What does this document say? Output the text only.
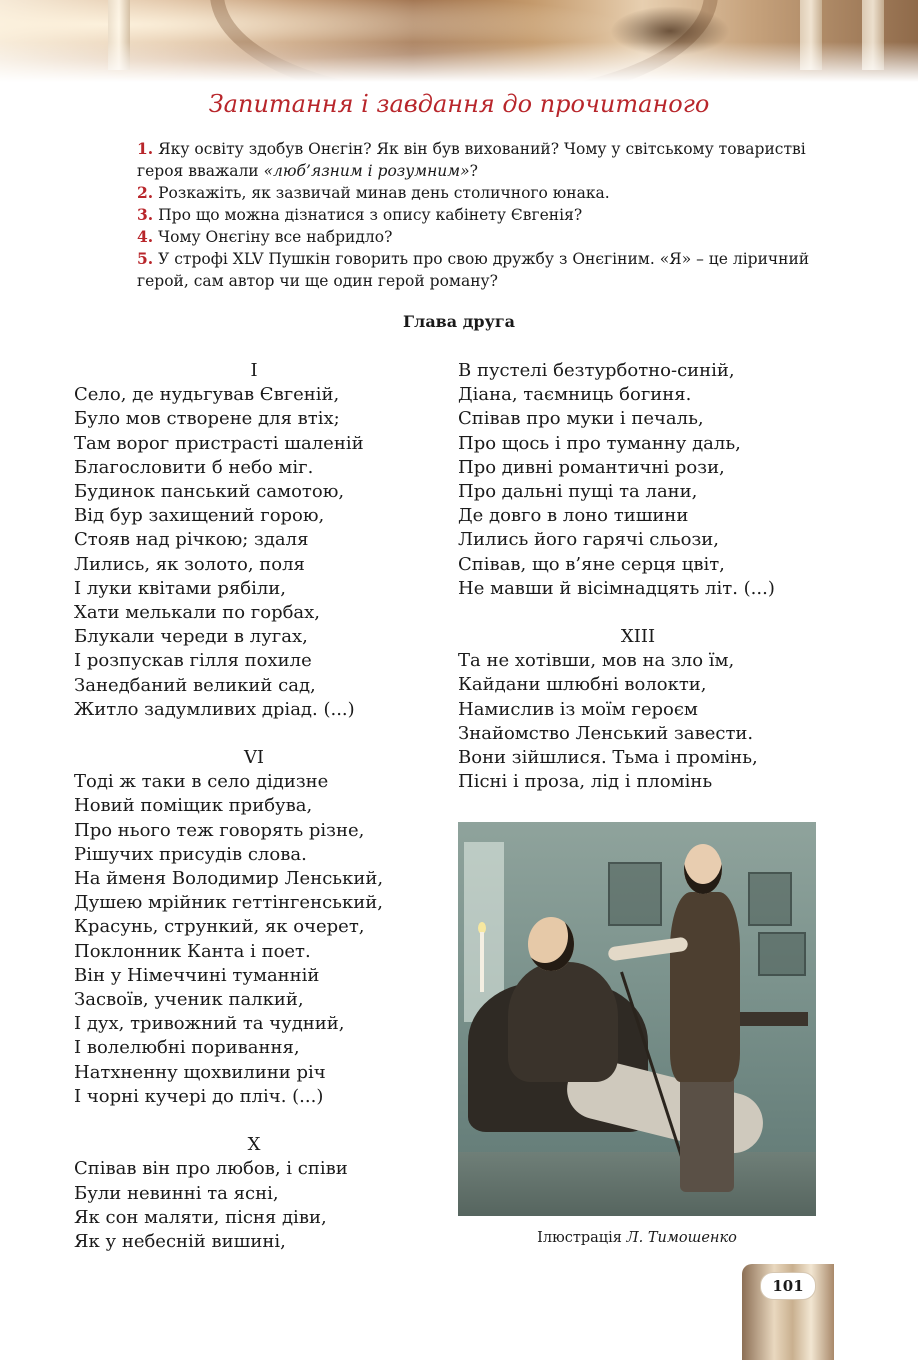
Запитання і завдання до прочитаного

1. Яку освіту здобув Онєгін? Як він був вихований? Чому у світському товаристві героя вважали «люб’язним і розумним»?

2. Розкажіть, як зазвичай минав день столичного юнака.

3. Про що можна дізнатися з опису кабінету Євгенія?

4. Чому Онєгіну все набридло?

5. У строфі XLV Пушкін говорить про свою дружбу з Онєгіним. «Я» – це ліричний герой, сам автор чи ще один герой роману?

Глава друга
I
Село, де нудьгував Євгеній,
Було мов створене для втіх;
Там ворог пристрасті шаленій
Благословити б небо міг.
Будинок панський самотою,
Від бур захищений горою,
Стояв над річкою; здаля
Лились, як золото, поля
І луки квітами рябіли,
Хати мелькали по горбах,
Блукали череди в лугах,
І розпускав гілля похиле
Занедбаний великий сад,
Житло задумливих дріад. (...)
VI
Тоді ж таки в село дідизне
Новий поміщик прибува,
Про нього теж говорять різне,
Рішучих присудів слова.
На йменя Володимир Ленський,
Душею мрійник геттінгенський,
Красунь, стрункий, як очерет,
Поклонник Канта і поет.
Він у Німеччині туманній
Засвоїв, ученик палкий,
І дух, тривожний та чудний,
І волелюбні поривання,
Натхненну щохвилини річ
І чорні кучері до пліч. (...)
X
Співав він про любов, і співи
Були невинні та ясні,
Як сон маляти, пісня діви,
Як у небесній вишині,
В пустелі безтурботно-синій,
Діана, таємниць богиня.
Співав про муки і печаль,
Про щось і про туманну даль,
Про дивні романтичні рози,
Про дальні пущі та лани,
Де довго в лоно тишини
Лились його гарячі сльози,
Співав, що в’яне серця цвіт,
Не мавши й вісімнадцять літ. (...)
XIII
Та не хотівши, мов на зло їм,
Кайдани шлюбні волокти,
Намислив із моїм героєм
Знайомство Ленський завести.
Вони зійшлися. Тьма і промінь,
Пісні і проза, лід і пломінь
Ілюстрація Л. Тимошенко
101
